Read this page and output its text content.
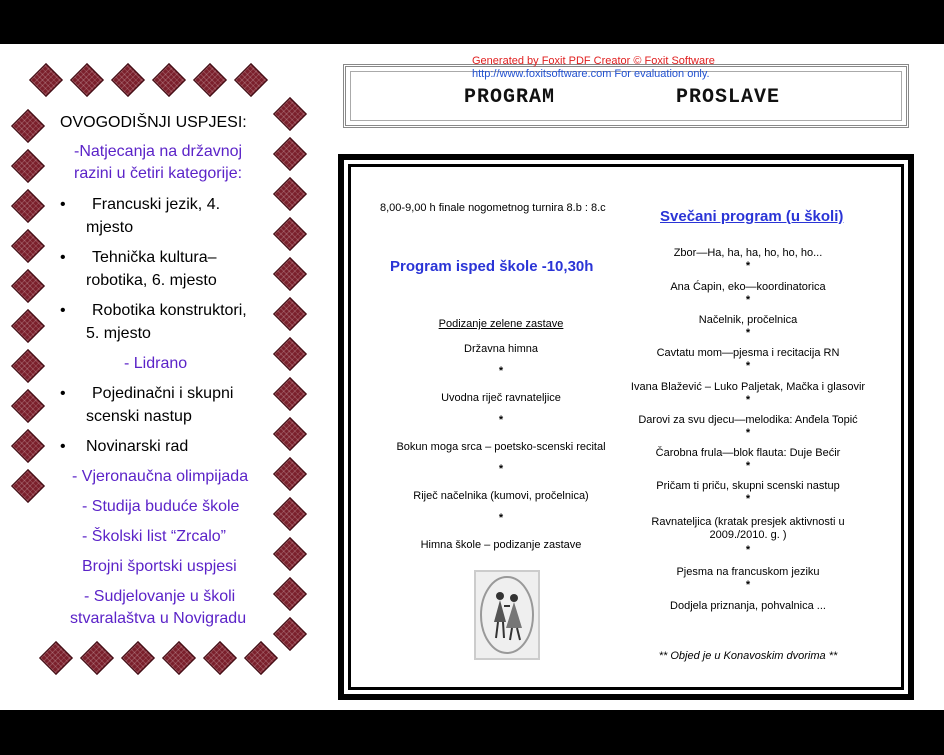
OVOGODIŠNJI USPJESI:
-Natjecanja na državnoj
razini u četiri kategorije:
• Francuski jezik, 4.
mjesto
• Tehnička kultura–
robotika, 6. mjesto
• Robotika konstruktori,
5. mjesto
- Lidrano
• Pojedinačni i skupni
scenski nastup
• Novinarski rad
- Vjeronaučna olimpijada
- Studija buduće škole
- Školski list “Zrcalo”
Brojni športski uspjesi
- Sudjelovanje u školi
stvaralaštva u Novigradu
Generated by Foxit PDF Creator © Foxit Software
http://www.foxitsoftware.com For evaluation only.
PROGRAM	PROSLAVE
8,00-9,00 h finale nogometnog turnira 8.b : 8.c
Program isped škole -10,30h
Podizanje zelene zastave
Državna himna
*
Uvodna riječ ravnateljice
*
Bokun moga srca – poetsko-scenski recital
*
Riječ načelnika (kumovi, pročelnica)
*
Himna škole – podizanje zastave
Svečani program (u školi)
Zbor—Ha, ha, ha, ho, ho, ho...
Ana Ćapin, eko—koordinatorica
Načelnik, pročelnica
Cavtatu mom—pjesma i recitacija RN
Ivana Blažević – Luko Paljetak, Mačka i glasovir
Darovi za svu djecu—melodika: Anđela Topić
Čarobna frula—blok flauta: Duje Bećir
Pričam ti priču, skupni scenski nastup
Ravnateljica (kratak presjek aktivnosti u
2009./2010. g. )
Pjesma na francuskom jeziku
Dodjela priznanja, pohvalnica ...
*
*
*
*
*
*
*
*
*
*
** Objed je u Konavoskim dvorima **
